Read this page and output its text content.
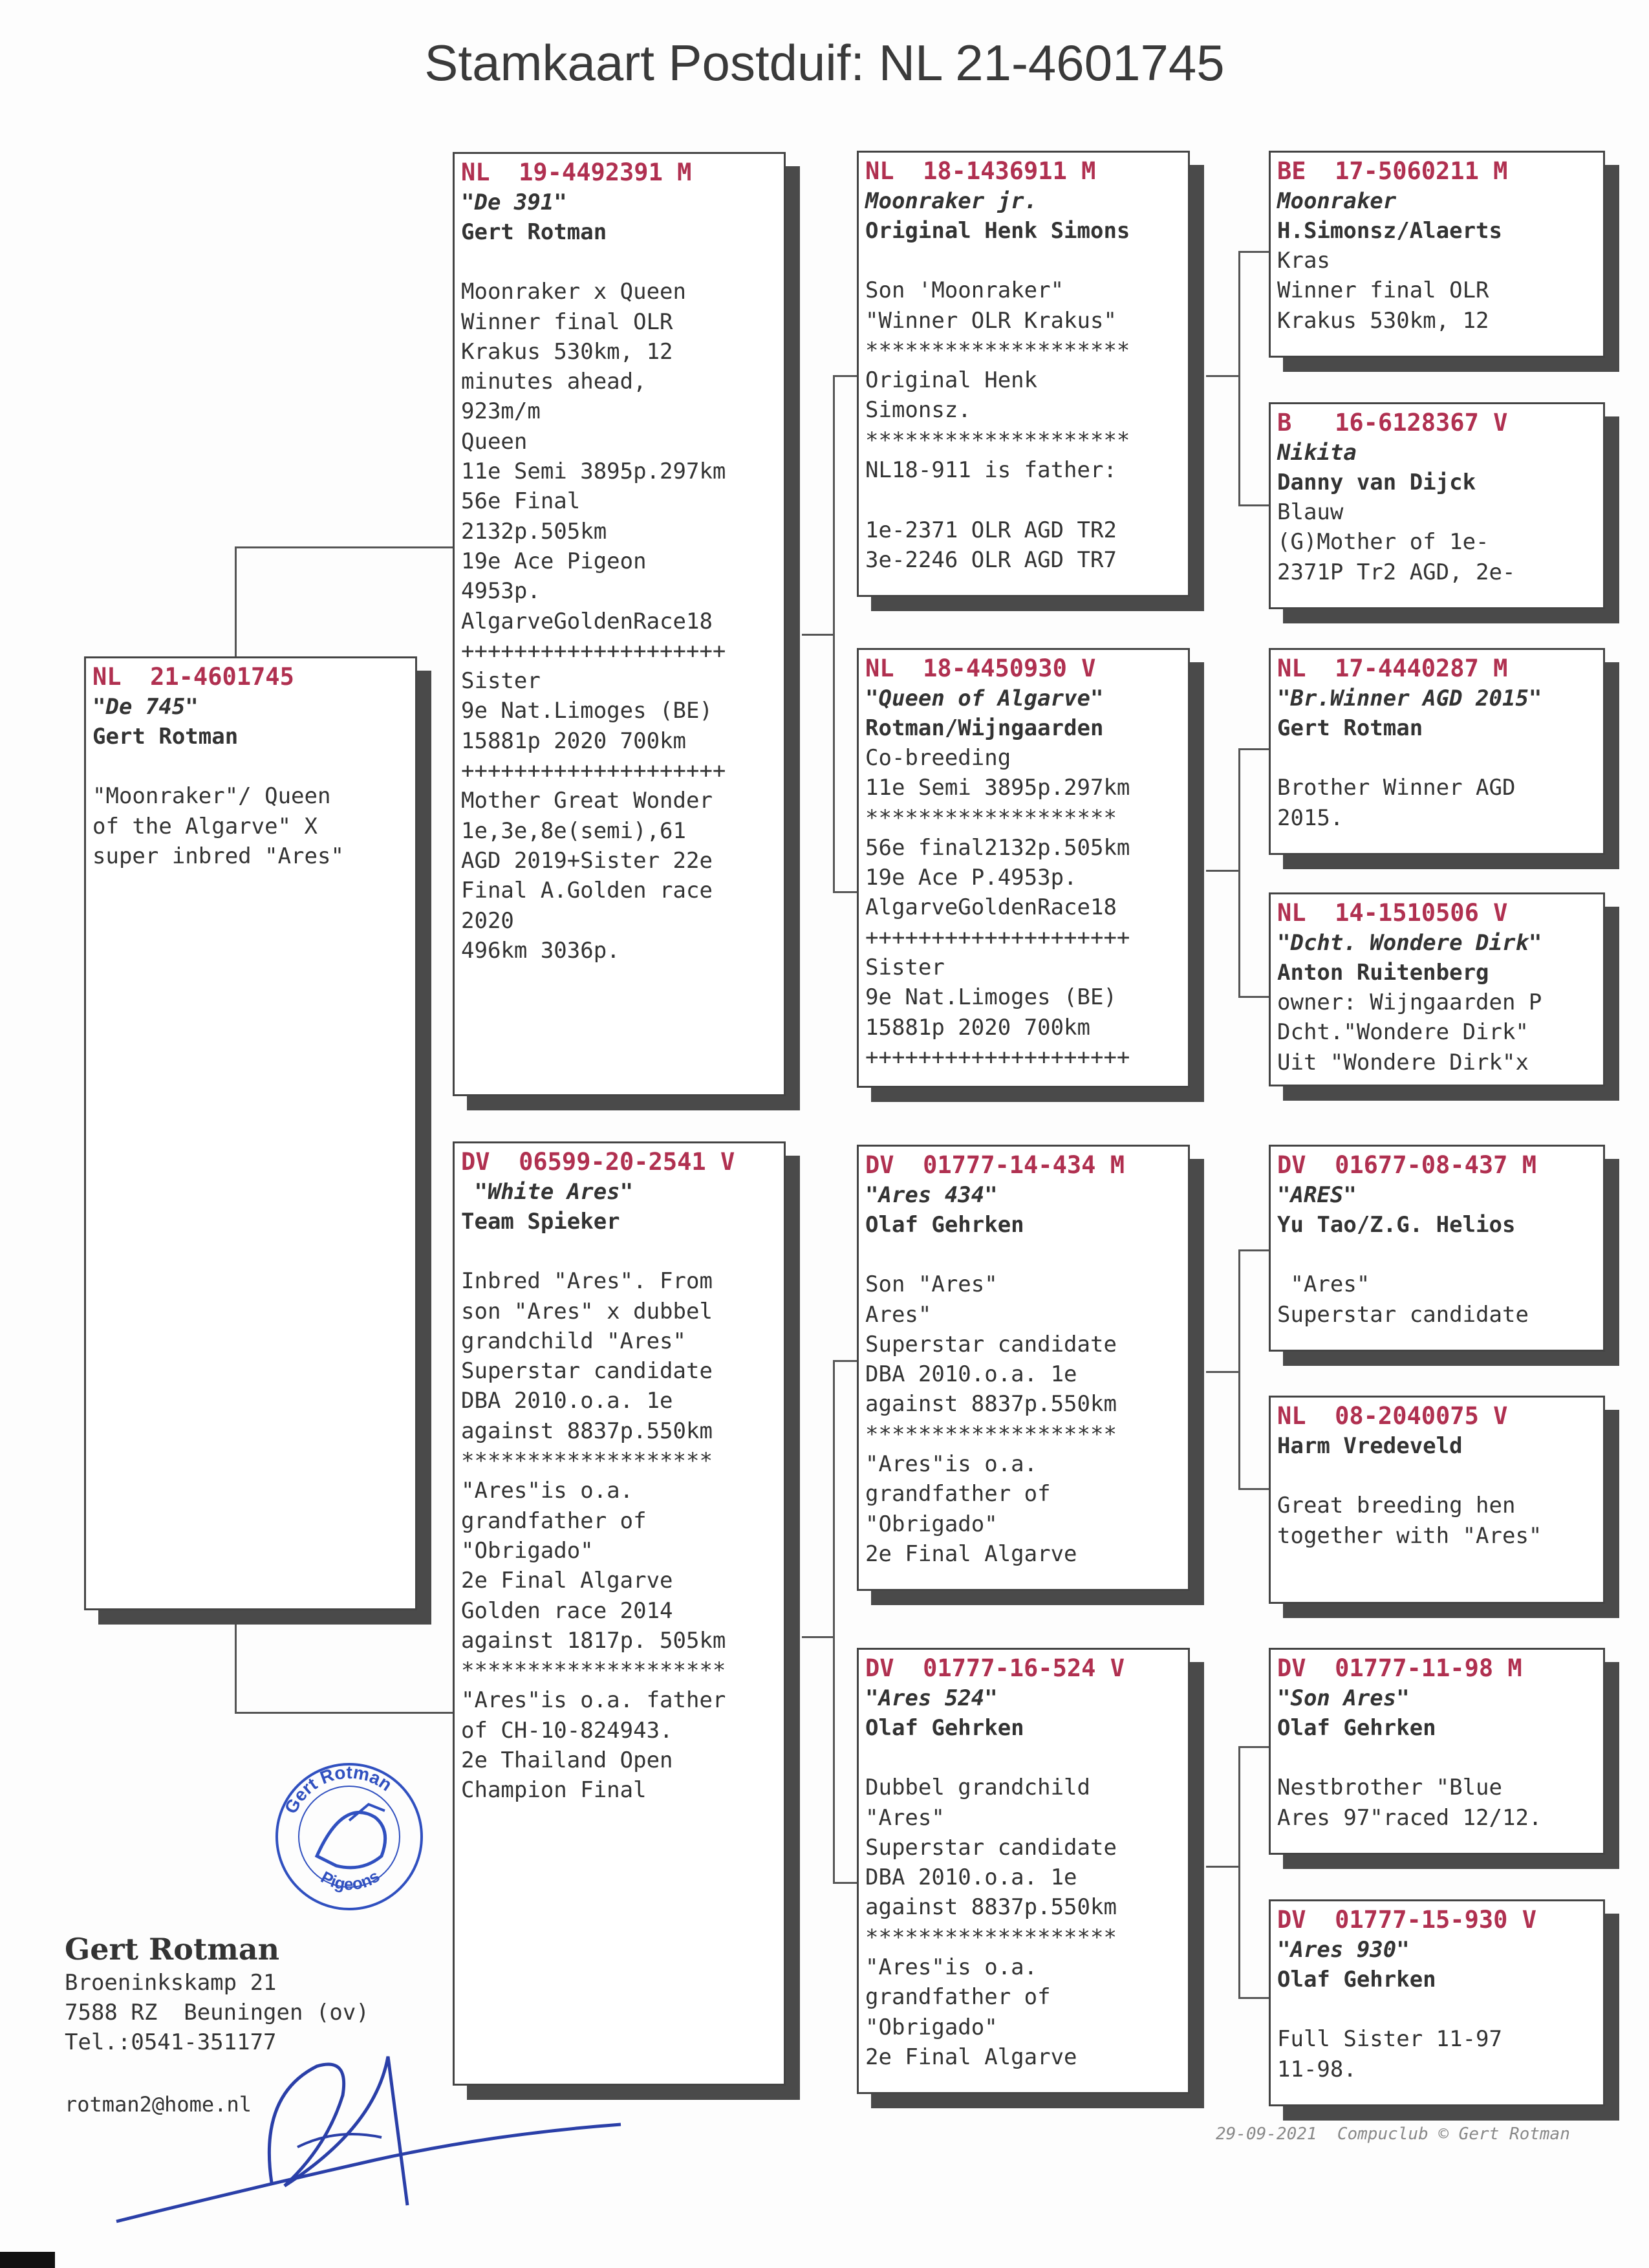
Stamkaart Postduif: NL 21-4601745
NL  21-4601745
"De 745"
Gert Rotman

"Moonraker"/ Queen
of the Algarve" X
super inbred "Ares"
NL  19-4492391 M
"De 391"
Gert Rotman

Moonraker x Queen
Winner final OLR
Krakus 530km, 12
minutes ahead,
923m/m
Queen
11e Semi 3895p.297km
56e Final
2132p.505km
19e Ace Pigeon
4953p.
AlgarveGoldenRace18
++++++++++++++++++++
Sister
9e Nat.Limoges (BE)
15881p 2020 700km
++++++++++++++++++++
Mother Great Wonder
1e,3e,8e(semi),61
AGD 2019+Sister 22e
Final A.Golden race
2020
496km 3036p.
DV  06599-20-2541 V
"White Ares"
Team Spieker

Inbred "Ares". From
son "Ares" x dubbel
grandchild "Ares"
Superstar candidate
DBA 2010.o.a. 1e
against 8837p.550km
*******************
"Ares"is o.a.
grandfather of
"Obrigado"
2e Final Algarve
Golden race 2014
against 1817p. 505km
********************
"Ares"is o.a. father
of CH-10-824943.
2e Thailand Open
Champion Final
NL  18-1436911 M
Moonraker jr.
Original Henk Simons

Son 'Moonraker"
"Winner OLR Krakus"
********************
Original Henk
Simonsz.
********************
NL18-911 is father:

1e-2371 OLR AGD TR2
3e-2246 OLR AGD TR7
NL  18-4450930 V
"Queen of Algarve"
Rotman/Wijngaarden
Co-breeding
11e Semi 3895p.297km
*******************
56e final2132p.505km
19e Ace P.4953p.
AlgarveGoldenRace18
++++++++++++++++++++
Sister
9e Nat.Limoges (BE)
15881p 2020 700km
++++++++++++++++++++
DV  01777-14-434 M
"Ares 434"
Olaf Gehrken

Son "Ares"
Ares"
Superstar candidate
DBA 2010.o.a. 1e
against 8837p.550km
*******************
"Ares"is o.a.
grandfather of
"Obrigado"
2e Final Algarve
DV  01777-16-524 V
"Ares 524"
Olaf Gehrken

Dubbel grandchild
"Ares"
Superstar candidate
DBA 2010.o.a. 1e
against 8837p.550km
*******************
"Ares"is o.a.
grandfather of
"Obrigado"
2e Final Algarve
BE  17-5060211 M
Moonraker
H.Simonsz/Alaerts
Kras
Winner final OLR
Krakus 530km, 12
B   16-6128367 V
Nikita
Danny van Dijck
Blauw
(G)Mother of 1e-
2371P Tr2 AGD, 2e-
NL  17-4440287 M
"Br.Winner AGD 2015"
Gert Rotman

Brother Winner AGD
2015.
NL  14-1510506 V
"Dcht. Wondere Dirk"
Anton Ruitenberg
owner: Wijngaarden P
Dcht."Wondere Dirk"
Uit "Wondere Dirk"x
DV  01677-08-437 M
"ARES"
Yu Tao/Z.G. Helios

"Ares"
Superstar candidate
NL  08-2040075 V
Harm Vredeveld

Great breeding hen
together with "Ares"
DV  01777-11-98 M
"Son Ares"
Olaf Gehrken

Nestbrother "Blue
Ares 97"raced 12/12.
DV  01777-15-930 V
"Ares 930"
Olaf Gehrken

Full Sister 11-97
11-98.
Gert Rotman
Pigeons
Gert Rotman
Broeninkskamp 21
7588 RZ  Beuningen (ov)
Tel.:0541-351177
rotman2@home.nl
29-09-2021  Compuclub © Gert Rotman
